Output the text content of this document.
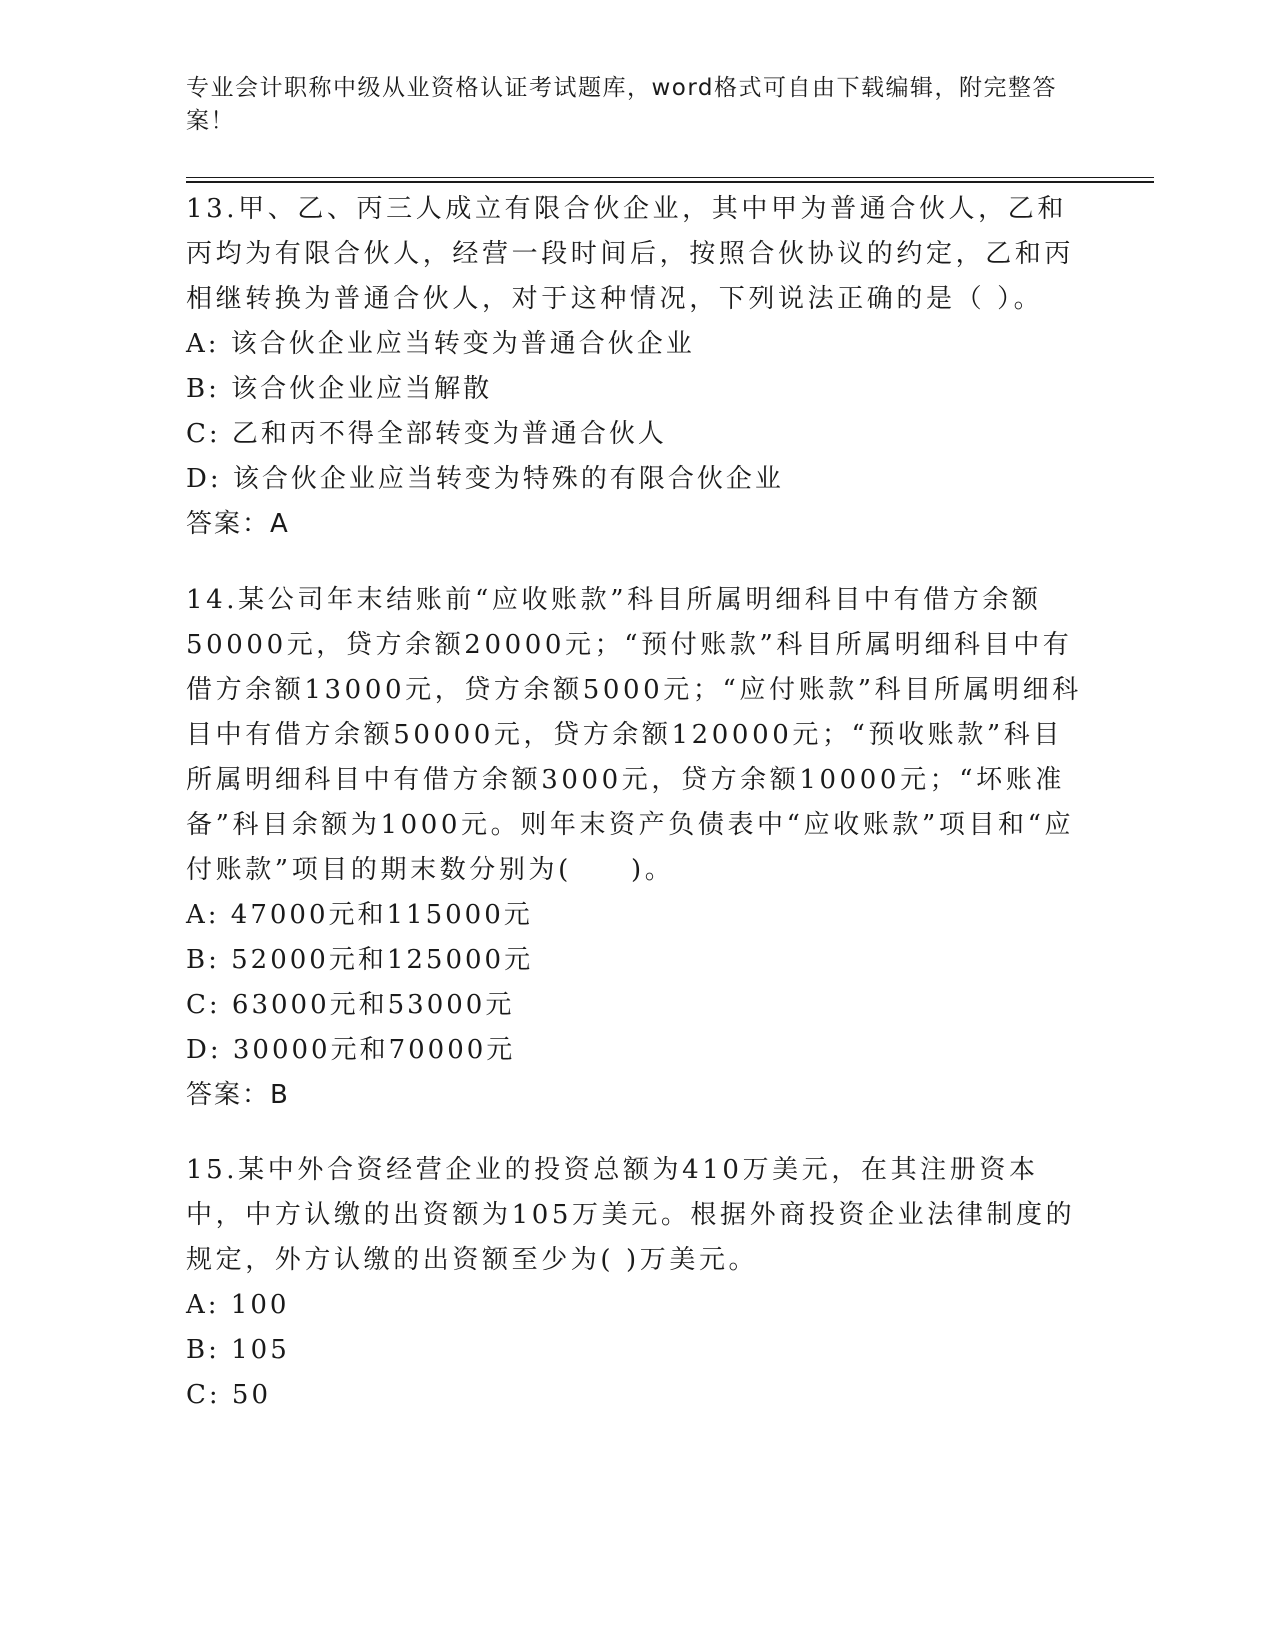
专业会计职称中级从业资格认证考试题库，word格式可自由下载编辑，附完整答案！
13.甲、乙、丙三人成立有限合伙企业，其中甲为普通合伙人，乙和丙均为有限合伙人，经营一段时间后，按照合伙协议的约定，乙和丙相继转换为普通合伙人，对于这种情况，下列说法正确的是（ ）。
A: 该合伙企业应当转变为普通合伙企业
B: 该合伙企业应当解散
C: 乙和丙不得全部转变为普通合伙人
D: 该合伙企业应当转变为特殊的有限合伙企业
答案：A
14.某公司年末结账前“应收账款”科目所属明细科目中有借方余额50000元，贷方余额20000元；“预付账款”科目所属明细科目中有借方余额13000元，贷方余额5000元；“应付账款”科目所属明细科目中有借方余额50000元，贷方余额120000元；“预收账款”科目所属明细科目中有借方余额3000元，贷方余额10000元；“坏账准备”科目余额为1000元。则年末资产负债表中“应收账款”项目和“应付账款”项目的期末数分别为(　　)。
A: 47000元和115000元
B: 52000元和125000元
C: 63000元和53000元
D: 30000元和70000元
答案：B
15.某中外合资经营企业的投资总额为410万美元，在其注册资本中，中方认缴的出资额为105万美元。根据外商投资企业法律制度的规定，外方认缴的出资额至少为( )万美元。
A: 100
B: 105
C: 50
